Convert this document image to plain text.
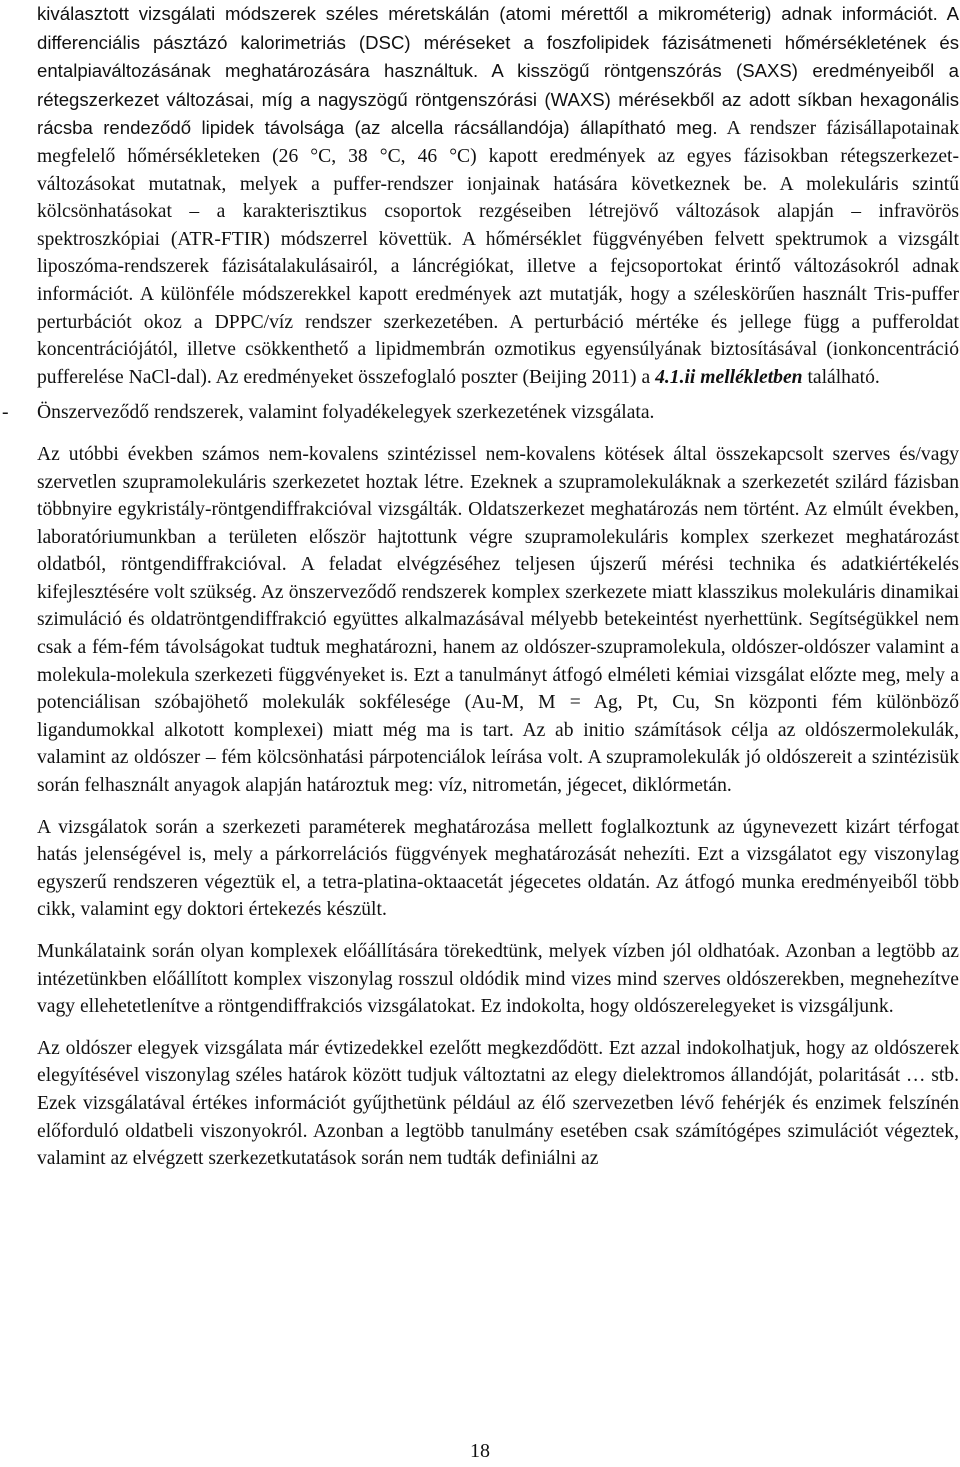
kiválasztott vizsgálati módszerek széles méretskálán (atomi mérettől a mikrométerig) adnak információt. A differenciális pásztázó kalorimetriás (DSC) méréseket a foszfolipidek fázisátmeneti hőmérsékletének és entalpiaváltozásának meghatározására használtuk. A kisszögű röntgenszórás (SAXS) eredményeiből a rétegszerkezet változásai, míg a nagyszögű röntgenszórási (WAXS) mérésekből az adott síkban hexagonális rácsba rendeződő lipidek távolsága (az alcella rácsállandója) állapítható meg. A rendszer fázisállapotainak megfelelő hőmérsékleteken (26 °C, 38 °C, 46 °C) kapott eredmények az egyes fázisokban rétegszerkezet-változásokat mutatnak, melyek a puffer-rendszer ionjainak hatására következnek be. A molekuláris szintű kölcsönhatásokat – a karakterisztikus csoportok rezgéseiben létrejövő változások alapján – infravörös spektroszkópiai (ATR-FTIR) módszerrel követtük. A hőmérséklet függvényében felvett spektrumok a vizsgált liposzóma-rendszerek fázisátalakulásairól, a láncrégiókat, illetve a fejcsoportokat érintő változásokról adnak információt. A különféle módszerekkel kapott eredmények azt mutatják, hogy a széleskörűen használt Tris-puffer perturbációt okoz a DPPC/víz rendszer szerkezetében. A perturbáció mértéke és jellege függ a pufferoldat koncentrációjától, illetve csökkenthető a lipidmembrán ozmotikus egyensúlyának biztosításával (ionkoncentráció pufferelése NaCl-dal). Az eredményeket összefoglaló poszter (Beijing 2011) a 4.1.ii mellékletben található.

-	Önszerveződő rendszerek, valamint folyadékelegyek szerkezetének vizsgálata.

Az utóbbi években számos nem-kovalens szintézissel nem-kovalens kötések által összekapcsolt szerves és/vagy szervetlen szupramolekuláris szerkezetet hoztak létre. Ezeknek a szupramolekuláknak a szerkezetét szilárd fázisban többnyire egykristály-röntgendiffrakcióval vizsgálták. Oldatszerkezet meghatározás nem történt. Az elmúlt években, laboratóriumunkban a területen először hajtottunk végre szupramolekuláris komplex szerkezet meghatározást oldatból, röntgendiffrakcióval. A feladat elvégzéséhez teljesen újszerű mérési technika és adatkiértékelés kifejlesztésére volt szükség. Az önszerveződő rendszerek komplex szerkezete miatt klasszikus molekuláris dinamikai szimuláció és oldatröntgendiffrakció együttes alkalmazásával mélyebb betekeintést nyerhettünk. Segítségükkel nem csak a fém-fém távolságokat tudtuk meghatározni, hanem az oldószer-szupramolekula, oldószer-oldószer valamint a molekula-molekula szerkezeti függvényeket is. Ezt a tanulmányt átfogó elméleti kémiai vizsgálat előzte meg, mely a potenciálisan szóbajöhető molekulák sokfélesége (Au-M, M = Ag, Pt, Cu, Sn központi fém különböző ligandumokkal alkotott komplexei) miatt még ma is tart. Az ab initio számítások célja az oldószermolekulák, valamint az oldószer – fém kölcsönhatási párpotenciálok leírása volt. A szupramolekulák jó oldószereit a szintézisük során felhasznált anyagok alapján határoztuk meg: víz, nitrometán, jégecet, diklórmetán.

A vizsgálatok során a szerkezeti paraméterek meghatározása mellett foglalkoztunk az úgynevezett kizárt térfogat hatás jelenségével is, mely a párkorrelációs függvények meghatározását nehezíti. Ezt a vizsgálatot egy viszonylag egyszerű rendszeren végeztük el, a tetra-platina-oktaacetát jégecetes oldatán. Az átfogó munka eredményeiből több cikk, valamint egy doktori értekezés készült.

Munkálataink során olyan komplexek előállítására törekedtünk, melyek vízben jól oldhatóak. Azonban a legtöbb az intézetünkben előállított komplex viszonylag rosszul oldódik mind vizes mind szerves oldószerekben, megnehezítve vagy ellehetetlenítve a röntgendiffrakciós vizsgálatokat. Ez indokolta, hogy oldószerelegyeket is vizsgáljunk.

Az oldószer elegyek vizsgálata már évtizedekkel ezelőtt megkezdődött. Ezt azzal indokolhatjuk, hogy az oldószerek elegyítésével viszonylag széles határok között tudjuk változtatni az elegy dielektromos állandóját, polaritását … stb. Ezek vizsgálatával értékes információt gyűjthetünk például az élő szervezetben lévő fehérjék és enzimek felszínén előforduló oldatbeli viszonyokról. Azonban a legtöbb tanulmány esetében csak számítógépes szimulációt végeztek, valamint az elvégzett szerkezetkutatások során nem tudták definiálni az

18
